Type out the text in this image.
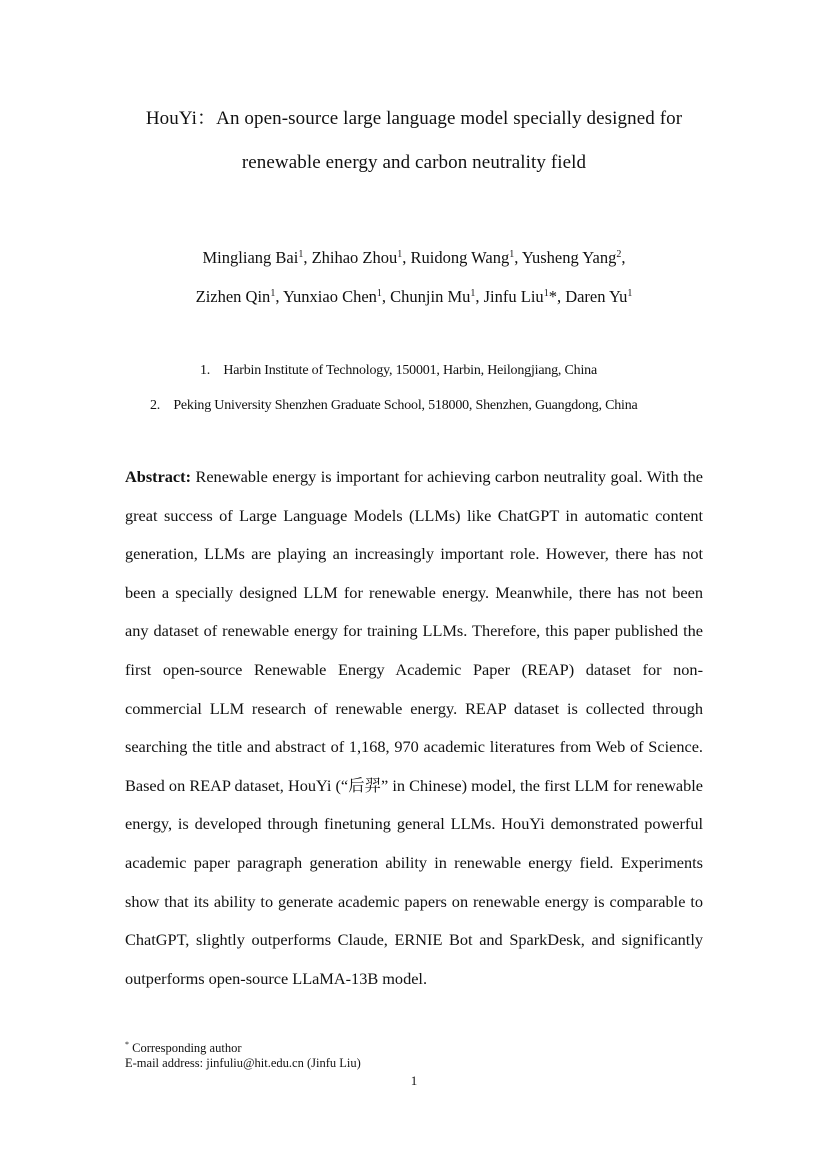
HouYi：An open-source large language model specially designed for
renewable energy and carbon neutrality field
Mingliang Bai$^1$, Zhihao Zhou$^1$, Ruidong Wang$^1$, Yusheng Yang$^2$,
Zizhen Qin$^1$, Yunxiao Chen$^1$, Chunjin Mu$^1$, Jinfu Liu$^1$*, Daren Yu$^1$
1. Harbin Institute of Technology, 150001, Harbin, Heilongjiang, China
2. Peking University Shenzhen Graduate School, 518000, Shenzhen, Guangdong, China
Abstract: Renewable energy is important for achieving carbon neutrality goal. With the great success of Large Language Models (LLMs) like ChatGPT in automatic content generation, LLMs are playing an increasingly important role. However, there has not been a specially designed LLM for renewable energy. Meanwhile, there has not been any dataset of renewable energy for training LLMs. Therefore, this paper published the first open-source Renewable Energy Academic Paper (REAP) dataset for non-commercial LLM research of renewable energy. REAP dataset is collected through searching the title and abstract of 1,168, 970 academic literatures from Web of Science. Based on REAP dataset, HouYi (“后羿” in Chinese) model, the first LLM for renewable energy, is developed through finetuning general LLMs. HouYi demonstrated powerful academic paper paragraph generation ability in renewable energy field. Experiments show that its ability to generate academic papers on renewable energy is comparable to ChatGPT, slightly outperforms Claude, ERNIE Bot and SparkDesk, and significantly outperforms open-source LLaMA-13B model.
* Corresponding author
E-mail address: jinfuliu@hit.edu.cn (Jinfu Liu)
1
